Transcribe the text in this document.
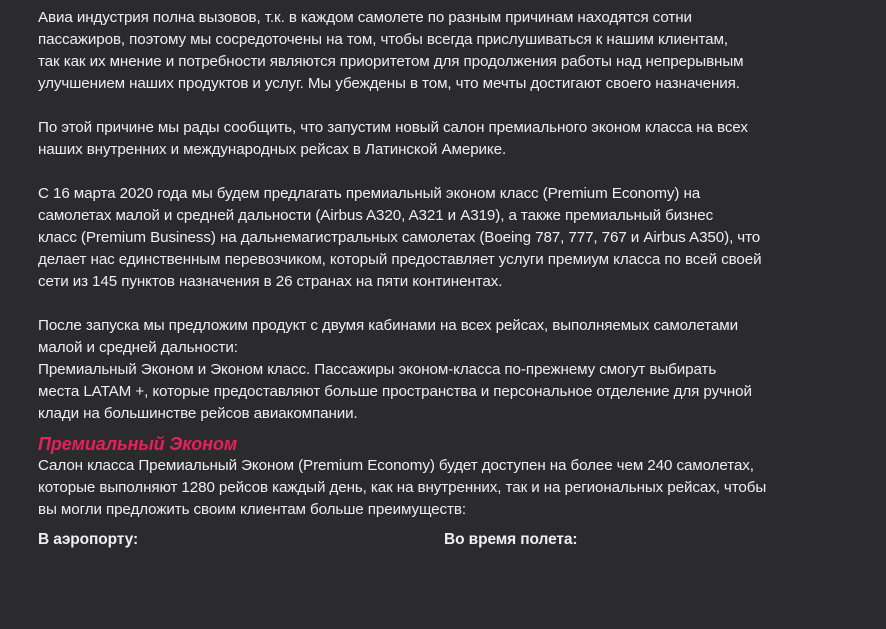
Авиа индустрия полна вызовов, т.к. в каждом самолете по разным причинам находятся сотни
пассажиров, поэтому мы сосредоточены на том, чтобы всегда прислушиваться к нашим клиентам,
так как их мнение и потребности являются приоритетом для продолжения работы над непрерывным
улучшением наших продуктов и услуг. Мы убеждены в том, что мечты достигают своего назначения.

По этой причине мы рады сообщить, что запустим новый салон премиального эконом класса на всех
наших внутренних и международных рейсах в Латинской Америке.

С 16 марта 2020 года мы будем предлагать премиальный эконом класс (Premium Economy) на
самолетах малой и средней дальности (Airbus A320, A321 и A319), а также премиальный бизнес
класс (Premium Business) на дальнемагистральных самолетах (Boeing 787, 777, 767 и Airbus A350), что
делает нас единственным перевозчиком, который предоставляет услуги премиум класса по всей своей
сети из 145 пунктов назначения в 26 странах на пяти континентах.

После запуска мы предложим продукт с двумя кабинами на всех рейсах, выполняемых самолетами
малой и средней дальности:
Премиальный Эконом и Эконом класс. Пассажиры эконом-класса по-прежнему смогут выбирать
места LATAM +, которые предоставляют больше пространства и персональное отделение для ручной
клади на большинстве рейсов авиакомпании.

Премиальный Эконом

Салон класса Премиальный Эконом (Premium Economy) будет доступен на более чем 240 самолетах,
которые выполняют 1280 рейсов каждый день, как на внутренних, так и на региональных рейсах, чтобы
вы могли предложить своим клиентам больше преимуществ:

В аэропорту:	Во время полета:
